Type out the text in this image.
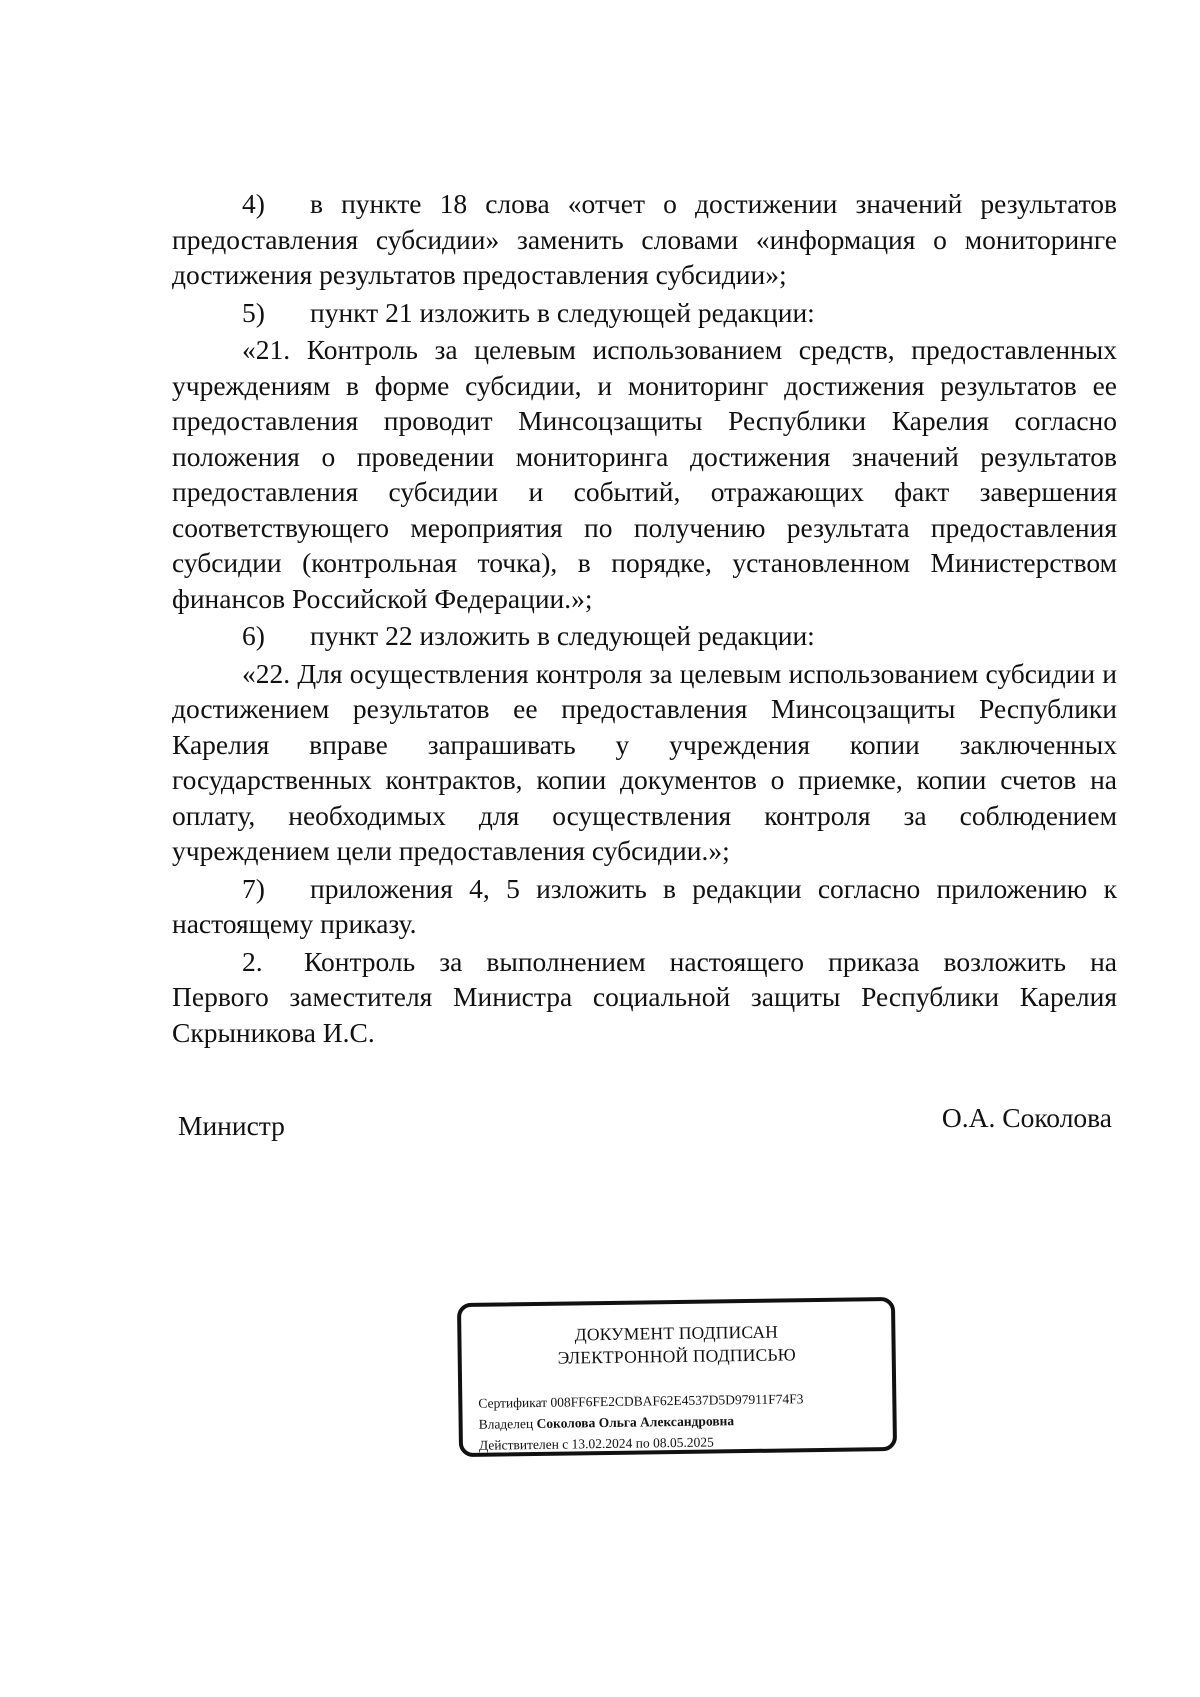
4) в пункте 18 слова «отчет о достижении значений результатов предоставления субсидии» заменить словами «информация о мониторинге достижения результатов предоставления субсидии»;

5) пункт 21 изложить в следующей редакции:

«21. Контроль за целевым использованием средств, предоставленных учреждениям в форме субсидии, и мониторинг достижения результатов ее предоставления проводит Минсоцзащиты Республики Карелия согласно положения о проведении мониторинга достижения значений результатов предоставления субсидии и событий, отражающих факт завершения соответствующего мероприятия по получению результата предоставления субсидии (контрольная точка), в порядке, установленном Министерством финансов Российской Федерации.»;

6) пункт 22 изложить в следующей редакции:

«22. Для осуществления контроля за целевым использованием субсидии и достижением результатов ее предоставления Минсоцзащиты Республики Карелия вправе запрашивать у учреждения копии заключенных государственных контрактов, копии документов о приемке, копии счетов на оплату, необходимых для осуществления контроля за соблюдением учреждением цели предоставления субсидии.»;

7) приложения 4, 5 изложить в редакции согласно приложению к настоящему приказу.

2. Контроль за выполнением настоящего приказа возложить на Первого заместителя Министра социальной защиты Республики Карелия Скрыникова И.С.

Министр	О.А. Соколова
ДОКУМЕНТ ПОДПИСАН
ЭЛЕКТРОННОЙ ПОДПИСЬЮ
Сертификат 008FF6FE2CDBAF62E4537D5D97911F74F3
Владелец Соколова Ольга Александровна
Действителен с 13.02.2024 по 08.05.2025
